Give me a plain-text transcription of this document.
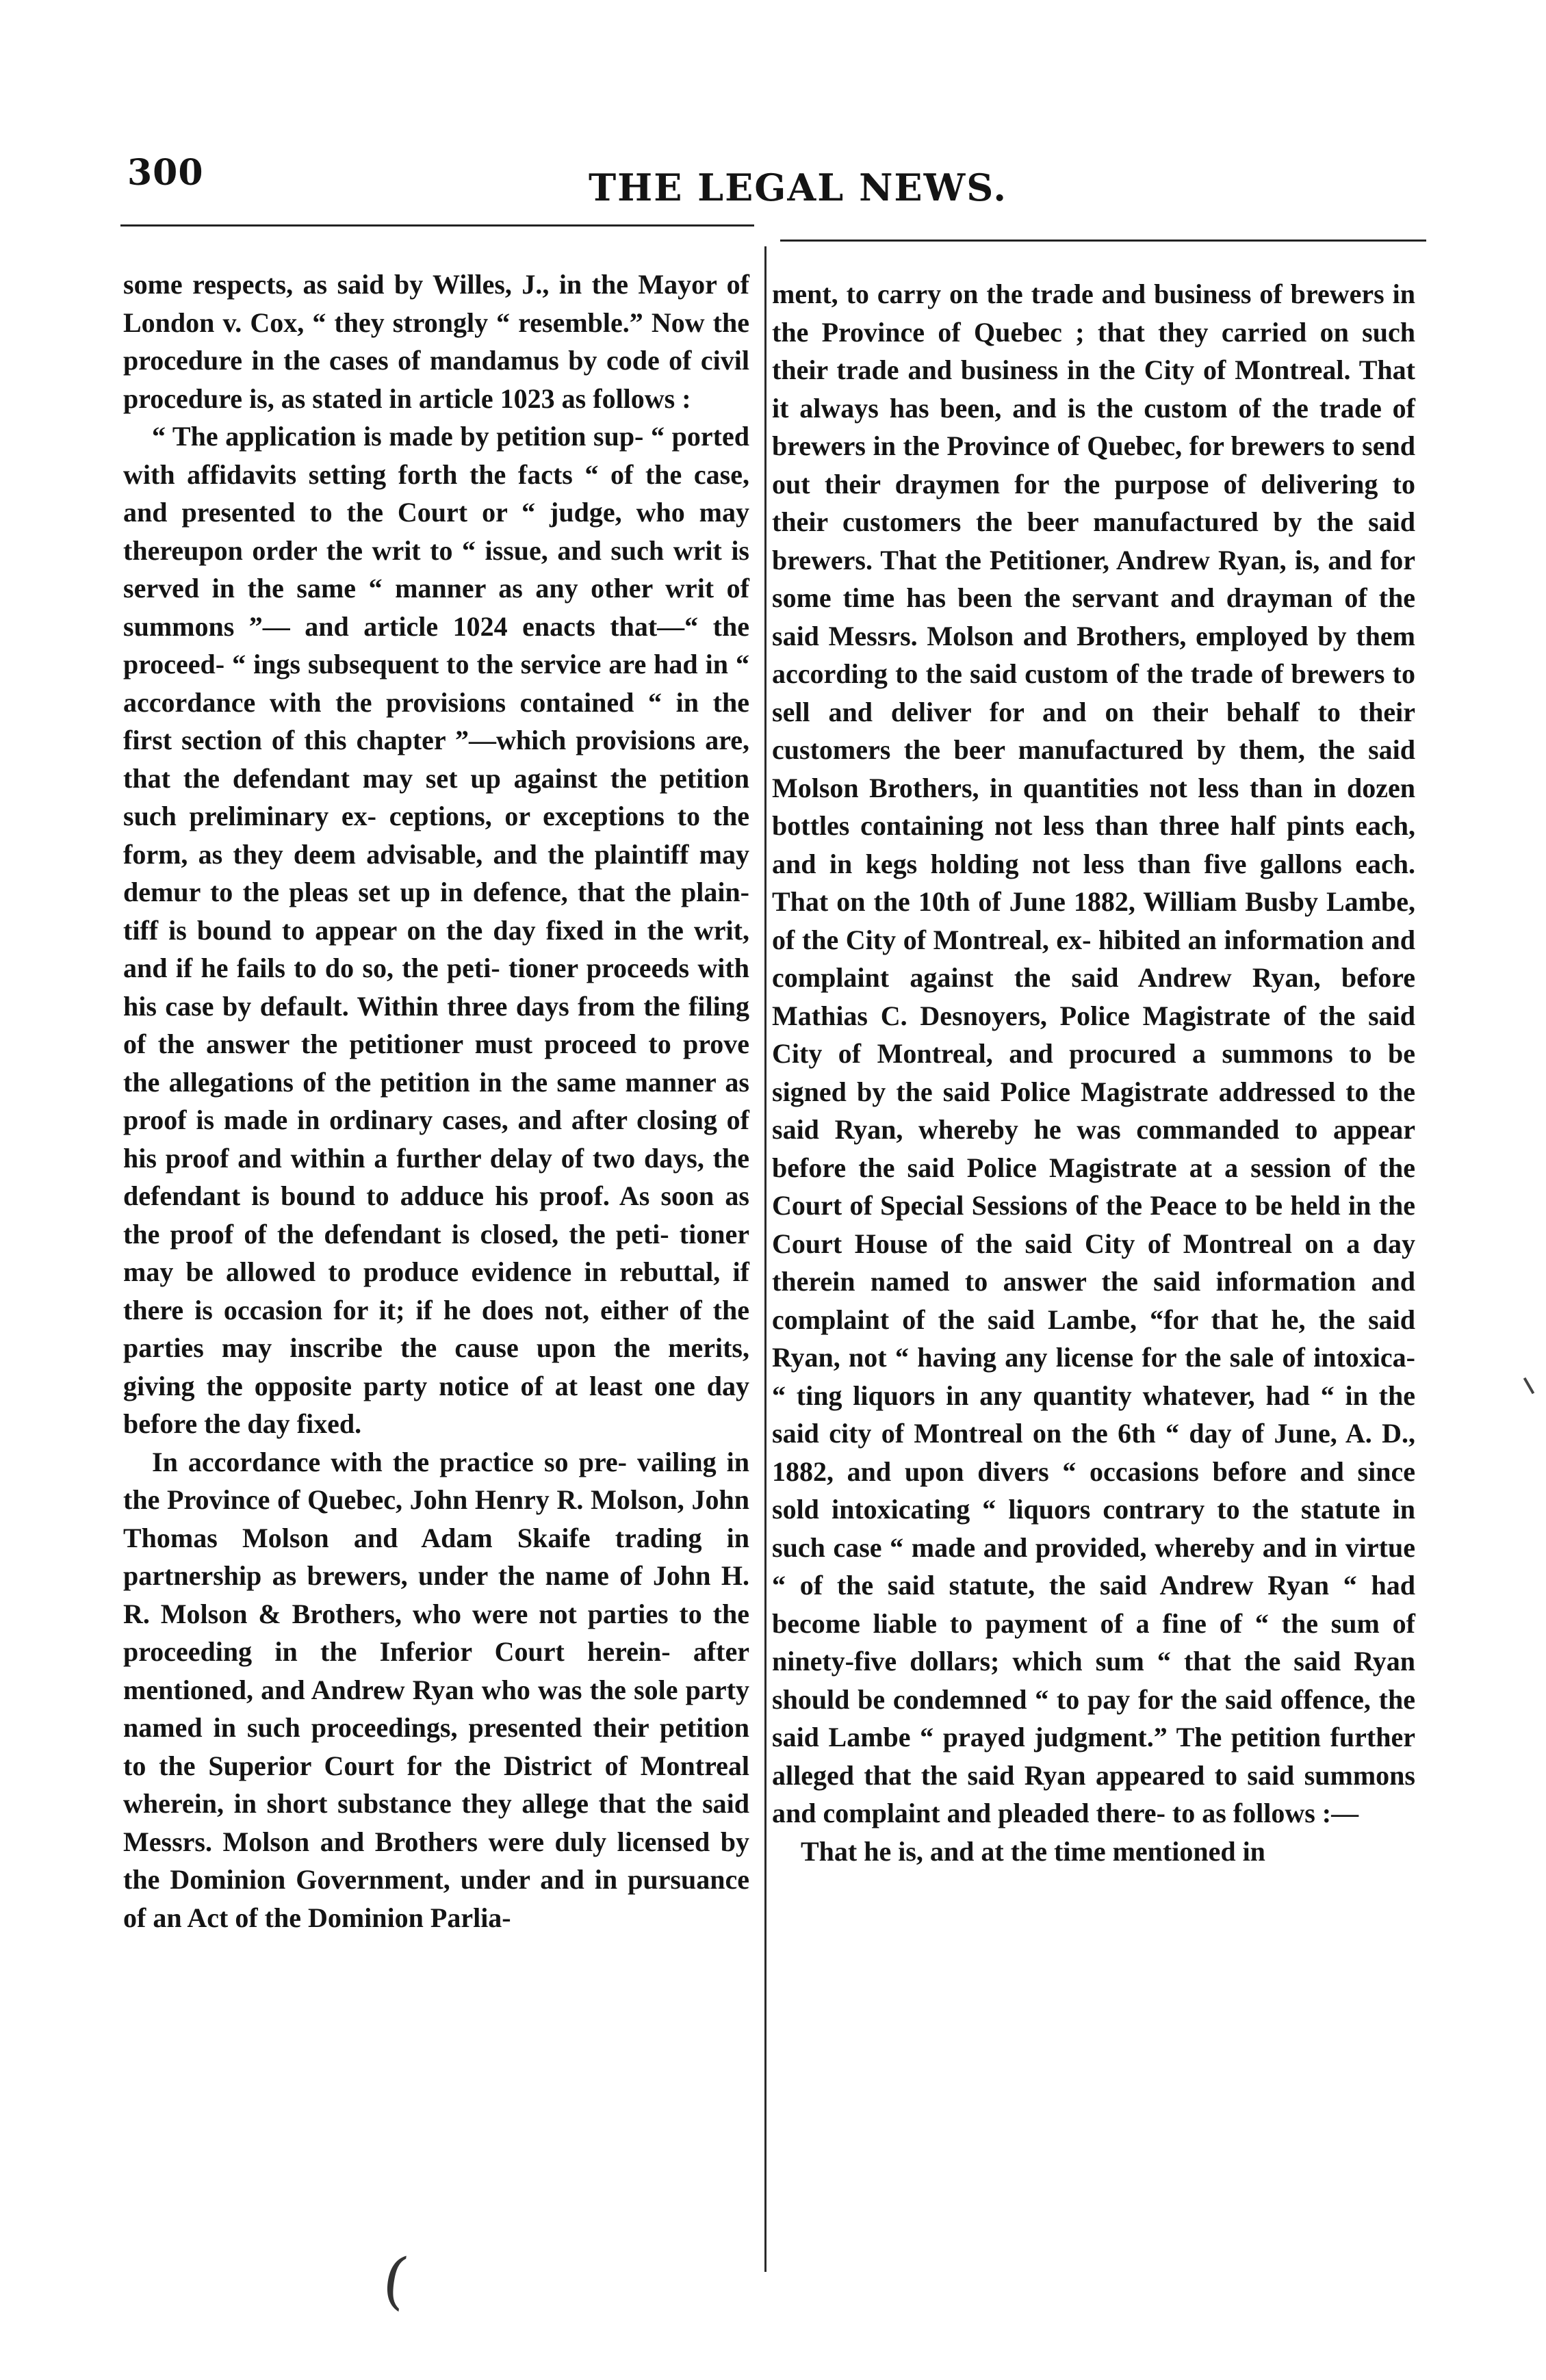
300	THE LEGAL NEWS.

some respects, as said by Willes, J., in the Mayor of London v. Cox, “ they strongly “ resemble.” Now the procedure in the cases of mandamus by code of civil procedure is, as stated in article 1023 as follows :

“ The application is made by petition sup- “ ported with affidavits setting forth the facts “ of the case, and presented to the Court or “ judge, who may thereupon order the writ to “ issue, and such writ is served in the same “ manner as any other writ of summons ”— and article 1024 enacts that—“ the proceed- “ ings subsequent to the service are had in “ accordance with the provisions contained “ in the first section of this chapter ”—which provisions are, that the defendant may set up against the petition such preliminary ex- ceptions, or exceptions to the form, as they deem advisable, and the plaintiff may demur to the pleas set up in defence, that the plain- tiff is bound to appear on the day fixed in the writ, and if he fails to do so, the peti- tioner proceeds with his case by default. Within three days from the filing of the answer the petitioner must proceed to prove the allegations of the petition in the same manner as proof is made in ordinary cases, and after closing of his proof and within a further delay of two days, the defendant is bound to adduce his proof. As soon as the proof of the defendant is closed, the peti- tioner may be allowed to produce evidence in rebuttal, if there is occasion for it; if he does not, either of the parties may inscribe the cause upon the merits, giving the opposite party notice of at least one day before the day fixed.

In accordance with the practice so pre- vailing in the Province of Quebec, John Henry R. Molson, John Thomas Molson and Adam Skaife trading in partnership as brewers, under the name of John H. R. Molson & Brothers, who were not parties to the proceeding in the Inferior Court herein- after mentioned, and Andrew Ryan who was the sole party named in such proceedings, presented their petition to the Superior Court for the District of Montreal wherein, in short substance they allege that the said Messrs. Molson and Brothers were duly licensed by the Dominion Government, under and in pursuance of an Act of the Dominion Parlia-

ment, to carry on the trade and business of brewers in the Province of Quebec ; that they carried on such their trade and business in the City of Montreal. That it always has been, and is the custom of the trade of brewers in the Province of Quebec, for brewers to send out their draymen for the purpose of delivering to their customers the beer manufactured by the said brewers. That the Petitioner, Andrew Ryan, is, and for some time has been the servant and drayman of the said Messrs. Molson and Brothers, employed by them according to the said custom of the trade of brewers to sell and deliver for and on their behalf to their customers the beer manufactured by them, the said Molson Brothers, in quantities not less than in dozen bottles containing not less than three half pints each, and in kegs holding not less than five gallons each. That on the 10th of June 1882, William Busby Lambe, of the City of Montreal, ex- hibited an information and complaint against the said Andrew Ryan, before Mathias C. Desnoyers, Police Magistrate of the said City of Montreal, and procured a summons to be signed by the said Police Magistrate addressed to the said Ryan, whereby he was commanded to appear before the said Police Magistrate at a session of the Court of Special Sessions of the Peace to be held in the Court House of the said City of Montreal on a day therein named to answer the said information and complaint of the said Lambe, “for that he, the said Ryan, not “ having any license for the sale of intoxica- “ ting liquors in any quantity whatever, had “ in the said city of Montreal on the 6th “ day of June, A. D., 1882, and upon divers “ occasions before and since sold intoxicating “ liquors contrary to the statute in such case “ made and provided, whereby and in virtue “ of the said statute, the said Andrew Ryan “ had become liable to payment of a fine of “ the sum of ninety-five dollars; which sum “ that the said Ryan should be condemned “ to pay for the said offence, the said Lambe “ prayed judgment.” The petition further alleged that the said Ryan appeared to said summons and complaint and pleaded there- to as follows :—

That he is, and at the time mentioned in

(
